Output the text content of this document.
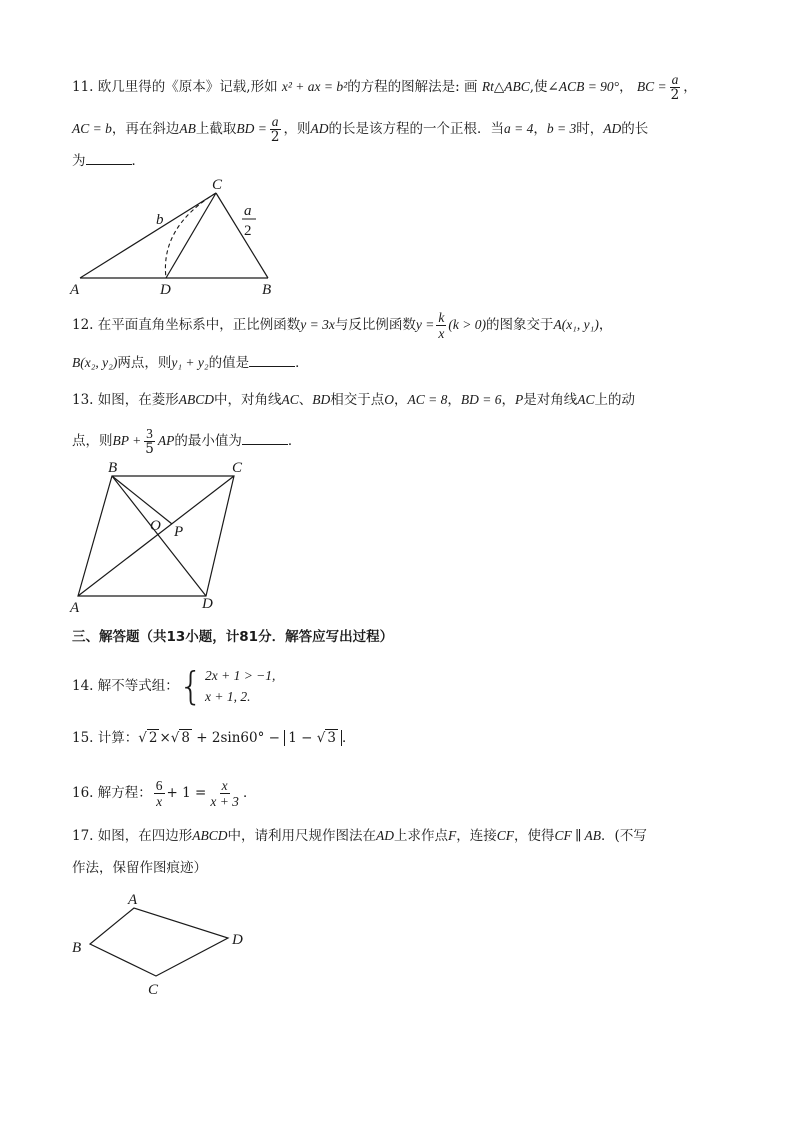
11. 欧几里得的《原本》记载,形如 x² + ax = b²的方程的图解法是: 画 Rt△ABC,使∠ACB = 90°， BC = $\frac{a}{2}$ ，
AC = b，再在斜边AB上截取BD = $\frac{a}{2}$ ，则AD的长是该方程的一个正根．当a = 4，b = 3时，AD的长
为	．
A	D	B
C
b
a
2
12. 在平面直角坐标系中，正比例函数y = 3x与反比例函数$y = \frac{k}{x} (k > 0)$的图象交于A(x₁, y₁)，
B(x₂, y₂)两点，则y₁ + y₂的值是	．
13. 如图，在菱形ABCD中，对角线AC、BD相交于点O，AC = 8，BD = 6，P是对角线AC上的动
点，则BP + $\frac{3}{5}$ AP的最小值为	．
B	C
A	D
O P
三、解答题（共13小题，计81分．解答应写出过程）
14.
解不等式组： { 2x + 1 > −1,
x + 1, 2.
15. 计算：√ 2 ×√ 8 + 2sin60° − 1 − √ 3 ．
16. 解方程： $\frac{6}{x} + 1 = \frac{x}{x + 3}$ ．
17. 如图，在四边形ABCD中，请利用尺规作图法在AD上求作点F，连接CF，使得CF ∥ AB．(不写
作法，保留作图痕迹）
A
B
C
D
